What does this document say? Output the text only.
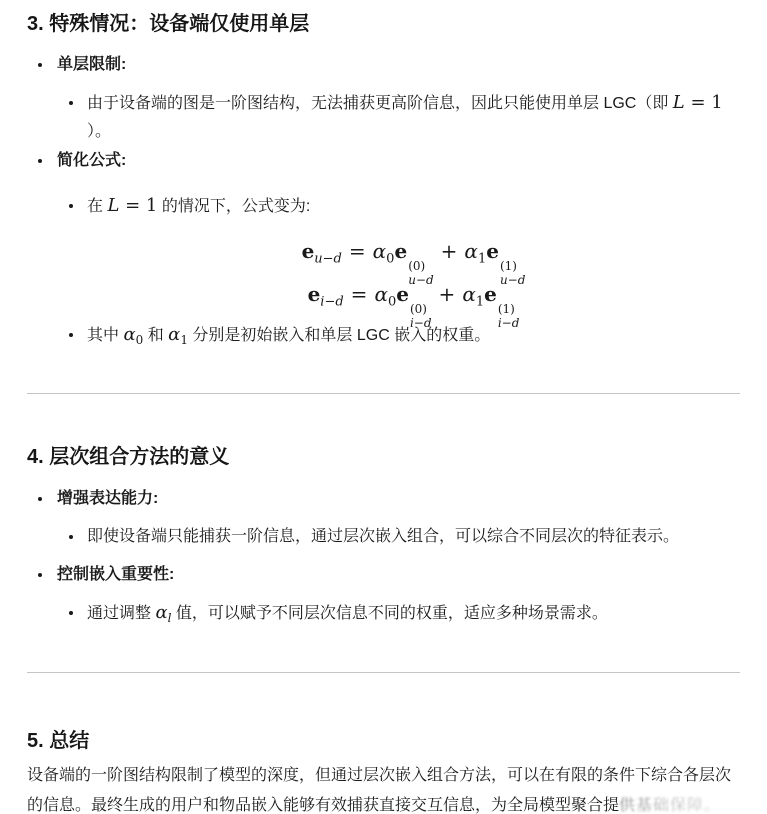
3. 特殊情况：设备端仅使用单层

单层限制:

由于设备端的图是一阶图结构，无法捕获更高阶信息，因此只能使用单层 LGC（即 L = 1
）。

简化公式:

在 L = 1 的情况下，公式变为:

$e_{u-d} = \alpha_0e$
(0)
u−d
+ $\alpha_1e$
(1)
u−d
$e_{i-d} = \alpha_0e$
(0)
i−d
+ $\alpha_1e$
(1)
i−d

其中 $\alpha_0$ 和 $\alpha_1$ 分别是初始嵌入和单层 LGC 嵌入的权重。

4. 层次组合方法的意义

增强表达能力:

即使设备端只能捕获一阶信息，通过层次嵌入组合，可以综合不同层次的特征表示。

控制嵌入重要性:

通过调整 $\alpha_l$ 值，可以赋予不同层次信息不同的权重，适应多种场景需求。

5. 总结

设备端的一阶图结构限制了模型的深度，但通过层次嵌入组合方法，可以在有限的条件下综合各层次
的信息。最终生成的用户和物品嵌入能够有效捕获直接交互信息，为全局模型聚合提供基础保障。
